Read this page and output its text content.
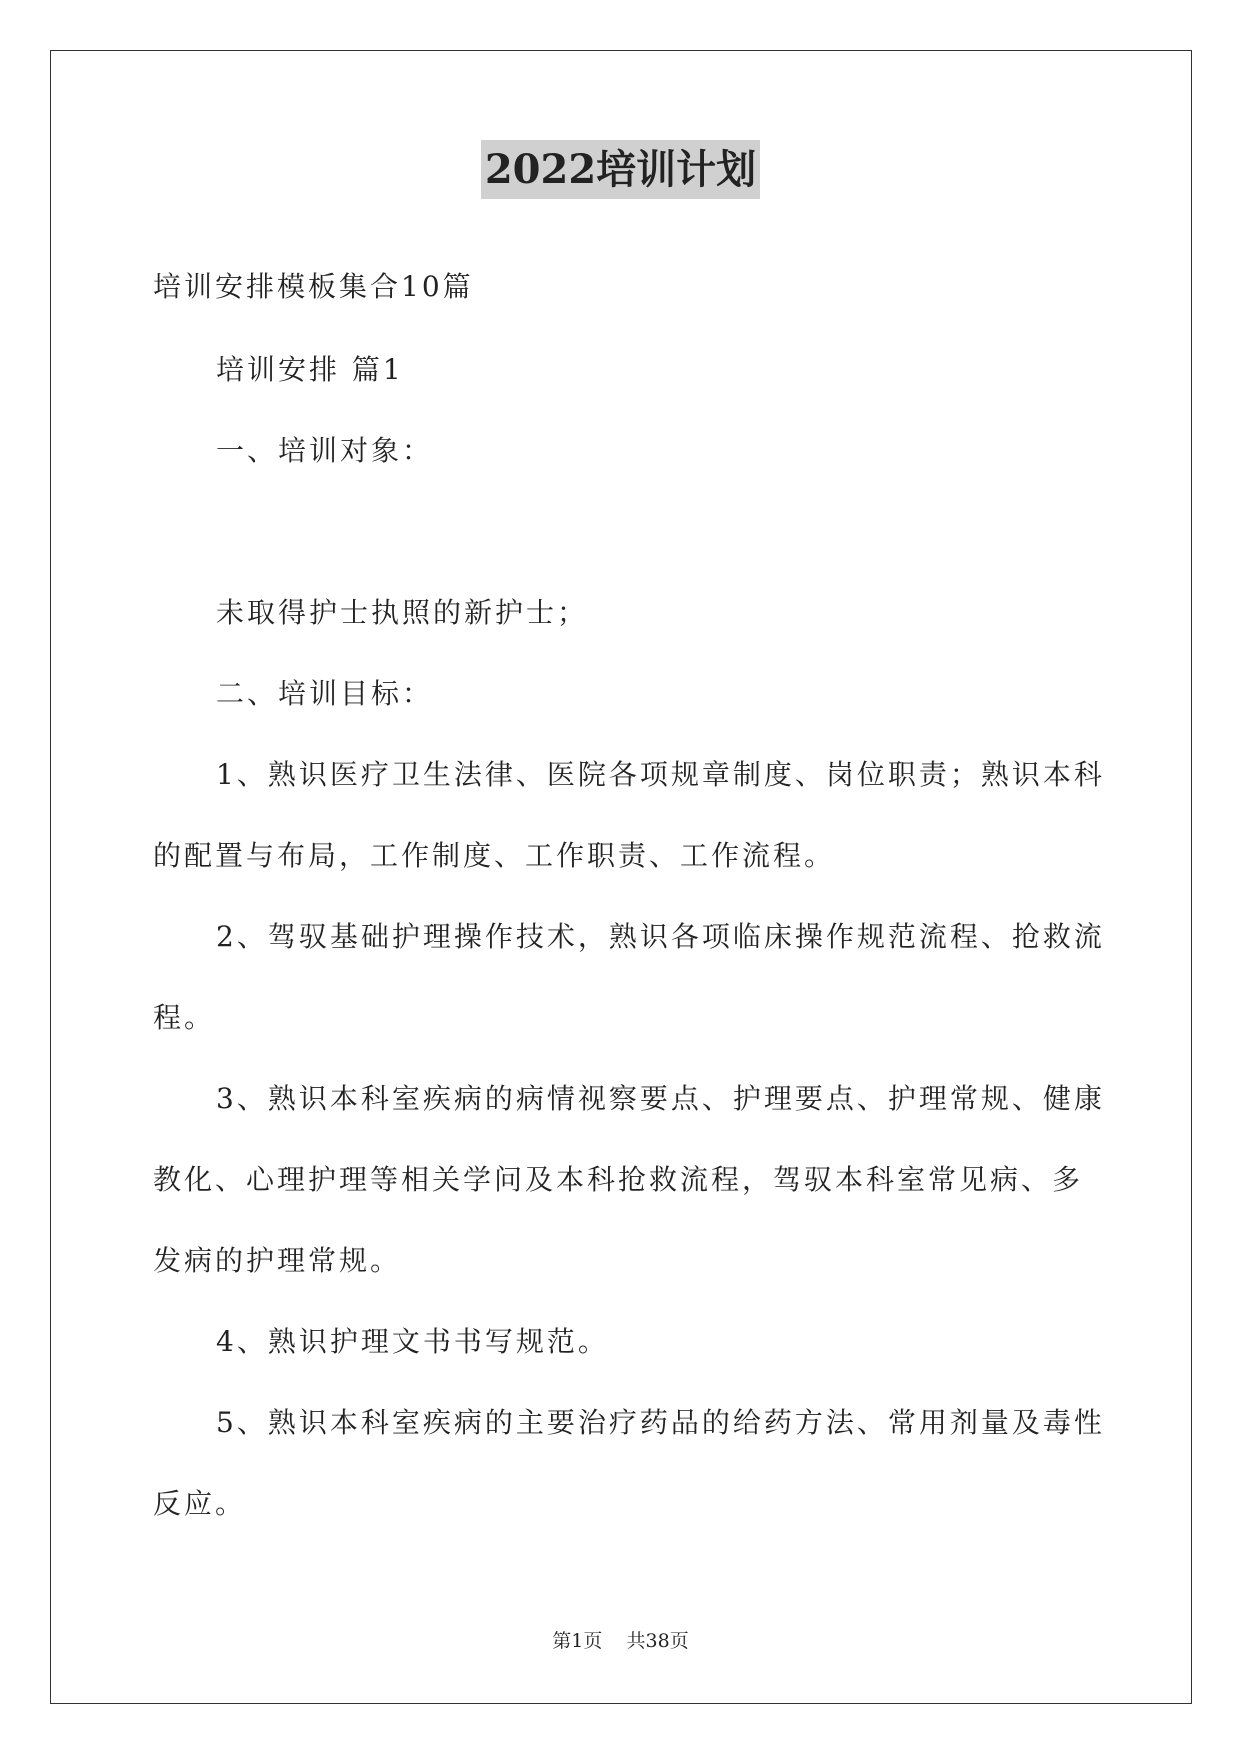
2022培训计划
培训安排模板集合10篇
培训安排 篇1
一、培训对象：
未取得护士执照的新护士；
二、培训目标：
1、熟识医疗卫生法律、医院各项规章制度、岗位职责；熟识本科
的配置与布局，工作制度、工作职责、工作流程。
2、驾驭基础护理操作技术，熟识各项临床操作规范流程、抢救流
程。
3、熟识本科室疾病的病情视察要点、护理要点、护理常规、健康
教化、心理护理等相关学问及本科抢救流程，驾驭本科室常见病、多
发病的护理常规。
4、熟识护理文书书写规范。
5、熟识本科室疾病的主要治疗药品的给药方法、常用剂量及毒性
反应。
第1页    共38页
